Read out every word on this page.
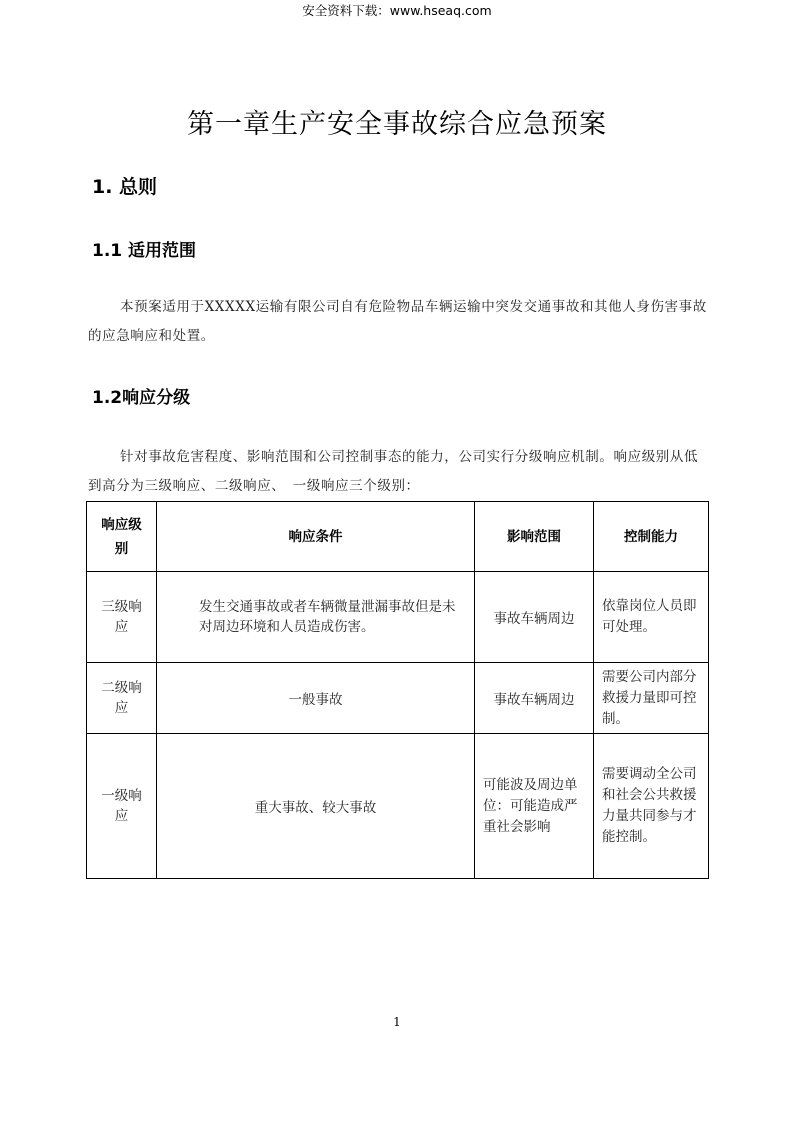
安全资料下载：www.hseaq.com
第一章生产安全事故综合应急预案
1. 总则
1.1 适用范围
本预案适用于XXXXX运输有限公司自有危险物品车辆运输中突发交通事故和其他人身伤害事故的应急响应和处置。
1.2响应分级
针对事故危害程度、影响范围和公司控制事态的能力，公司实行分级响应机制。响应级别从低到高分为三级响应、二级响应、　一级响应三个级别：
响应级别	响应条件	影响范围	控制能力
三级响应	发生交通事故或者车辆微量泄漏事故但是未对周边环境和人员造成伤害。	事故车辆周边	依靠岗位人员即可处理。
二级响应	一般事故	事故车辆周边	需要公司内部分救援力量即可控制。
一级响应	重大事故、较大事故	可能波及周边单位：可能造成严重社会影响	需要调动全公司和社会公共救援力量共同参与才能控制。
1
